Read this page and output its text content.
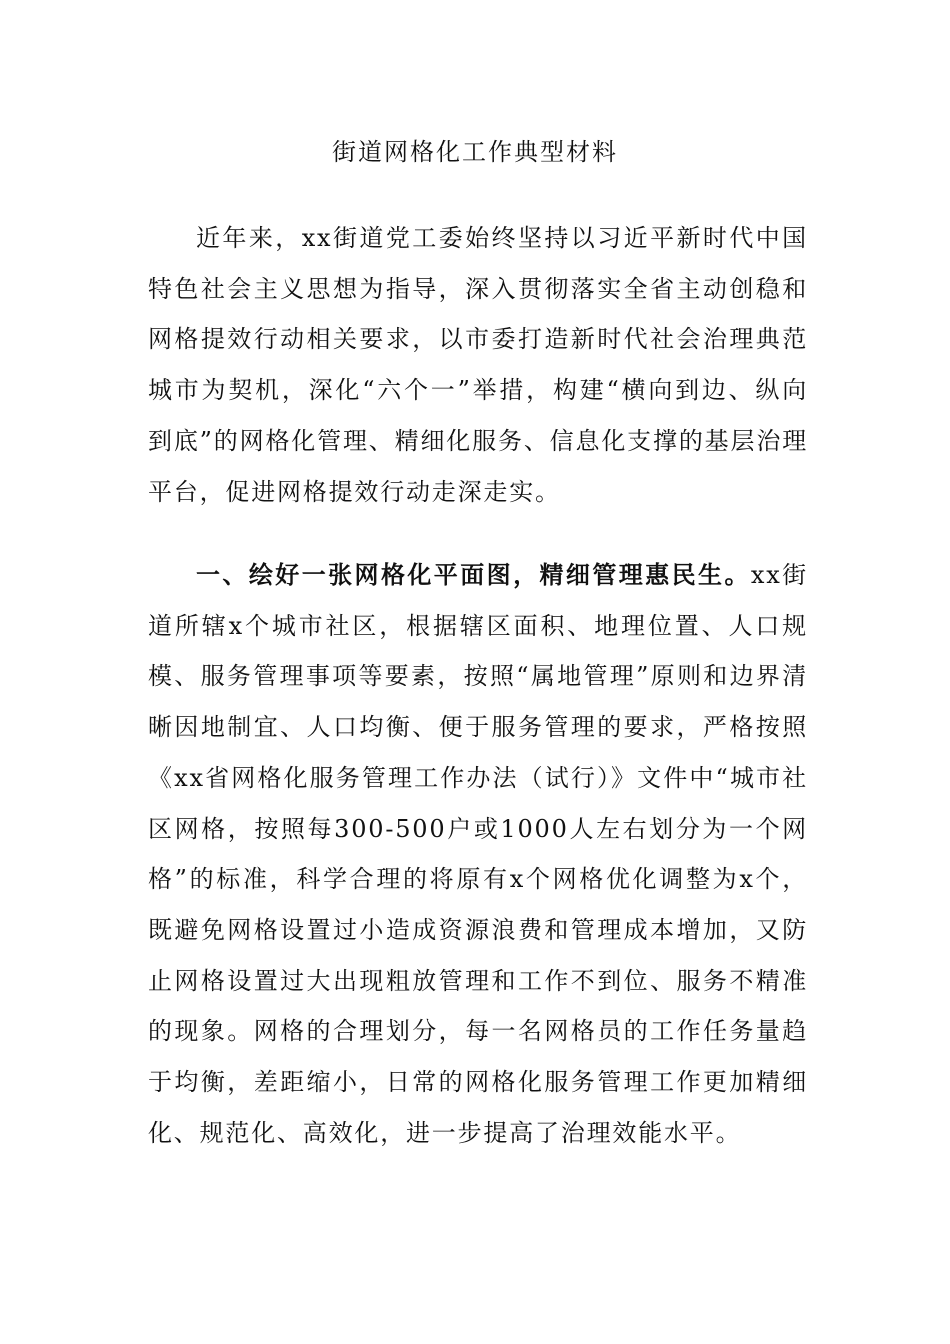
街道网格化工作典型材料

近年来，xx街道党工委始终坚持以习近平新时代中国特色社会主义思想为指导，深入贯彻落实全省主动创稳和网格提效行动相关要求，以市委打造新时代社会治理典范城市为契机，深化“六个一”举措，构建“横向到边、纵向到底”的网格化管理、精细化服务、信息化支撑的基层治理平台，促进网格提效行动走深走实。

一、绘好一张网格化平面图，精细管理惠民生。xx街道所辖x个城市社区，根据辖区面积、地理位置、人口规模、服务管理事项等要素，按照“属地管理”原则和边界清晰因地制宜、人口均衡、便于服务管理的要求，严格按照《xx省网格化服务管理工作办法（试行）》文件中“城市社区网格，按照每300-500户或1000人左右划分为一个网格”的标准，科学合理的将原有x个网格优化调整为x个，既避免网格设置过小造成资源浪费和管理成本增加，又防止网格设置过大出现粗放管理和工作不到位、服务不精准的现象。网格的合理划分，每一名网格员的工作任务量趋于均衡，差距缩小，日常的网格化服务管理工作更加精细化、规范化、高效化，进一步提高了治理效能水平。
